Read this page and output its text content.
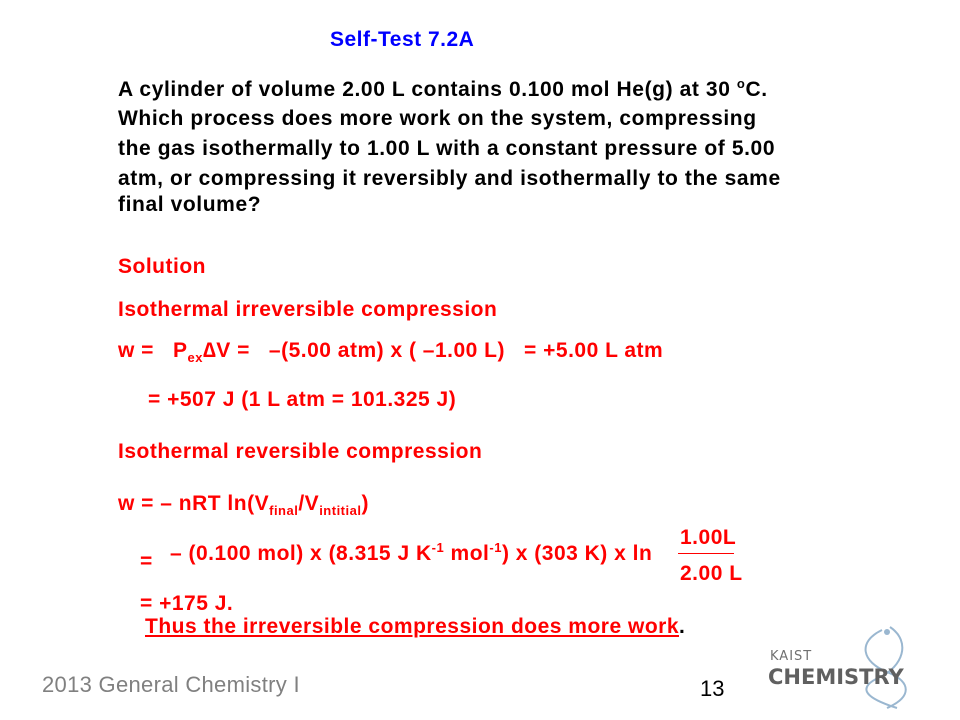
Self-Test 7.2A
A cylinder of volume 2.00 L contains 0.100 mol He(g) at 30 $^o$C.
Which process does more work on the system, compressing
the gas isothermally to 1.00 L with a constant pressure of 5.00
atm, or compressing it reversibly and isothermally to the same
final volume?
Solution
Isothermal irreversible compression
$w = P_{ex}\Delta V = -(5.00$ atm) x ( –1.00 L) = +5.00 L atm
= +507 J (1 L atm = 101.325 J)
Isothermal reversible compression
w = – nRT $\ln(V_{final}/V_{intitial})$
= – (0.100 mol) x (8.315 J $K^{-1}$ mol$^{-1}$) x (303 K) x ln
1.00L
2.00 L
= +175 J.
Thus the irreversible compression does more work.
2013 General Chemistry I	13
KAIST
CHEMISTRY
